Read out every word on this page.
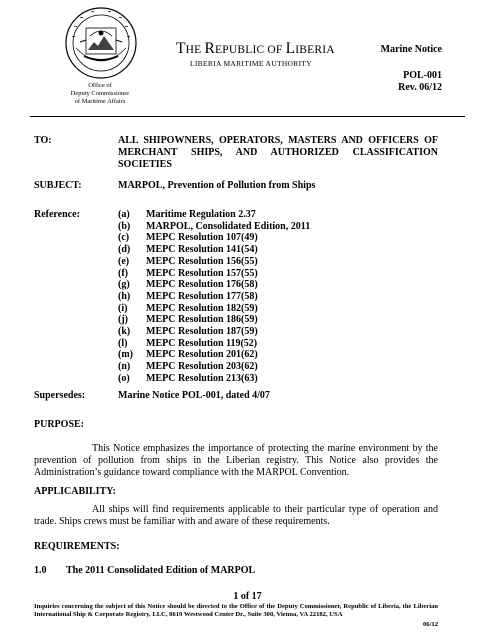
Office of
Deputy Commissioner
of Maritime Affairs
THE REPUBLIC OF LIBERIA
LIBERIA MARITIME AUTHORITY
Marine Notice
POL-001
Rev. 06/12
TO:	ALL SHIPOWNERS, OPERATORS, MASTERS AND OFFICERS OF MERCHANT SHIPS, AND AUTHORIZED CLASSIFICATION SOCIETIES
SUBJECT:	MARPOL, Prevention of Pollution from Ships
Reference:	(a)	Maritime Regulation 2.37
(b)	MARPOL, Consolidated Edition, 2011
(c)	MEPC Resolution 107(49)
(d)	MEPC Resolution 141(54)
(e)	MEPC Resolution 156(55)
(f)	MEPC Resolution 157(55)
(g)	MEPC Resolution 176(58)
(h)	MEPC Resolution 177(58)
(i)	MEPC Resolution 182(59)
(j)	MEPC Resolution 186(59)
(k)	MEPC Resolution 187(59)
(l)	MEPC Resolution 119(52)
(m)	MEPC Resolution 201(62)
(n)	MEPC Resolution 203(62)
(o)	MEPC Resolution 213(63)
Supersedes:	Marine Notice POL-001, dated 4/07
PURPOSE:
This Notice emphasizes the importance of protecting the marine environment by the prevention of pollution from ships in the Liberian registry. This Notice also provides the Administration’s guidance toward compliance with the MARPOL Convention.
APPLICABILITY:
All ships will find requirements applicable to their particular type of operation and trade. Ships crews must be familiar with and aware of these requirements.
REQUIREMENTS:
1.0 The 2011 Consolidated Edition of MARPOL
1 of 17
Inquiries concerning the subject of this Notice should be directed to the Office of the Deputy Commissioner, Republic of Liberia, the Liberian International Ship & Corporate Registry, LLC, 8619 Westwood Center Dr., Suite 300, Vienna, VA 22182, USA
06/12
